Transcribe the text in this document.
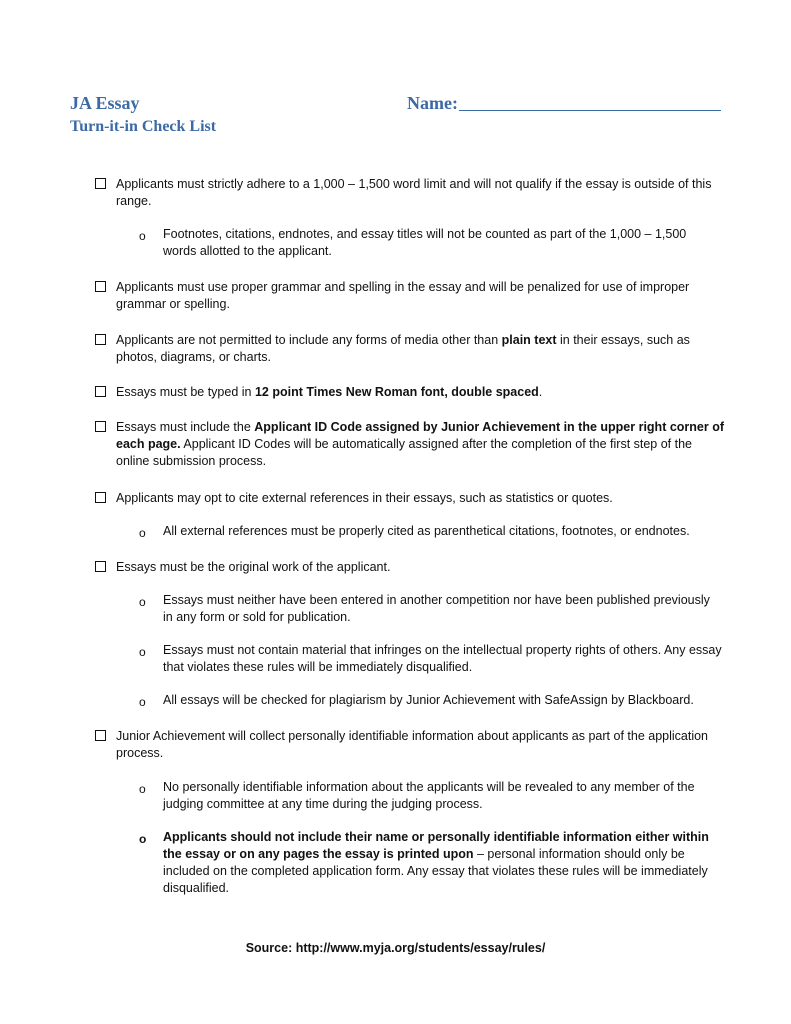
JA Essay
Turn-it-in Check List
Name:
Applicants must strictly adhere to a 1,000 – 1,500 word limit and will not qualify if the essay is outside of this range.
o Footnotes, citations, endnotes, and essay titles will not be counted as part of the 1,000 – 1,500 words allotted to the applicant.
Applicants must use proper grammar and spelling in the essay and will be penalized for use of improper grammar or spelling.
Applicants are not permitted to include any forms of media other than plain text in their essays, such as photos, diagrams, or charts.
Essays must be typed in 12 point Times New Roman font, double spaced.
Essays must include the Applicant ID Code assigned by Junior Achievement in the upper right corner of each page. Applicant ID Codes will be automatically assigned after the completion of the first step of the online submission process.
Applicants may opt to cite external references in their essays, such as statistics or quotes.
o All external references must be properly cited as parenthetical citations, footnotes, or endnotes.
Essays must be the original work of the applicant.
o Essays must neither have been entered in another competition nor have been published previously in any form or sold for publication.
o Essays must not contain material that infringes on the intellectual property rights of others. Any essay that violates these rules will be immediately disqualified.
o All essays will be checked for plagiarism by Junior Achievement with SafeAssign by Blackboard.
Junior Achievement will collect personally identifiable information about applicants as part of the application process.
o No personally identifiable information about the applicants will be revealed to any member of the judging committee at any time during the judging process.
o Applicants should not include their name or personally identifiable information either within the essay or on any pages the essay is printed upon – personal information should only be included on the completed application form. Any essay that violates these rules will be immediately disqualified.
Source: http://www.myja.org/students/essay/rules/
